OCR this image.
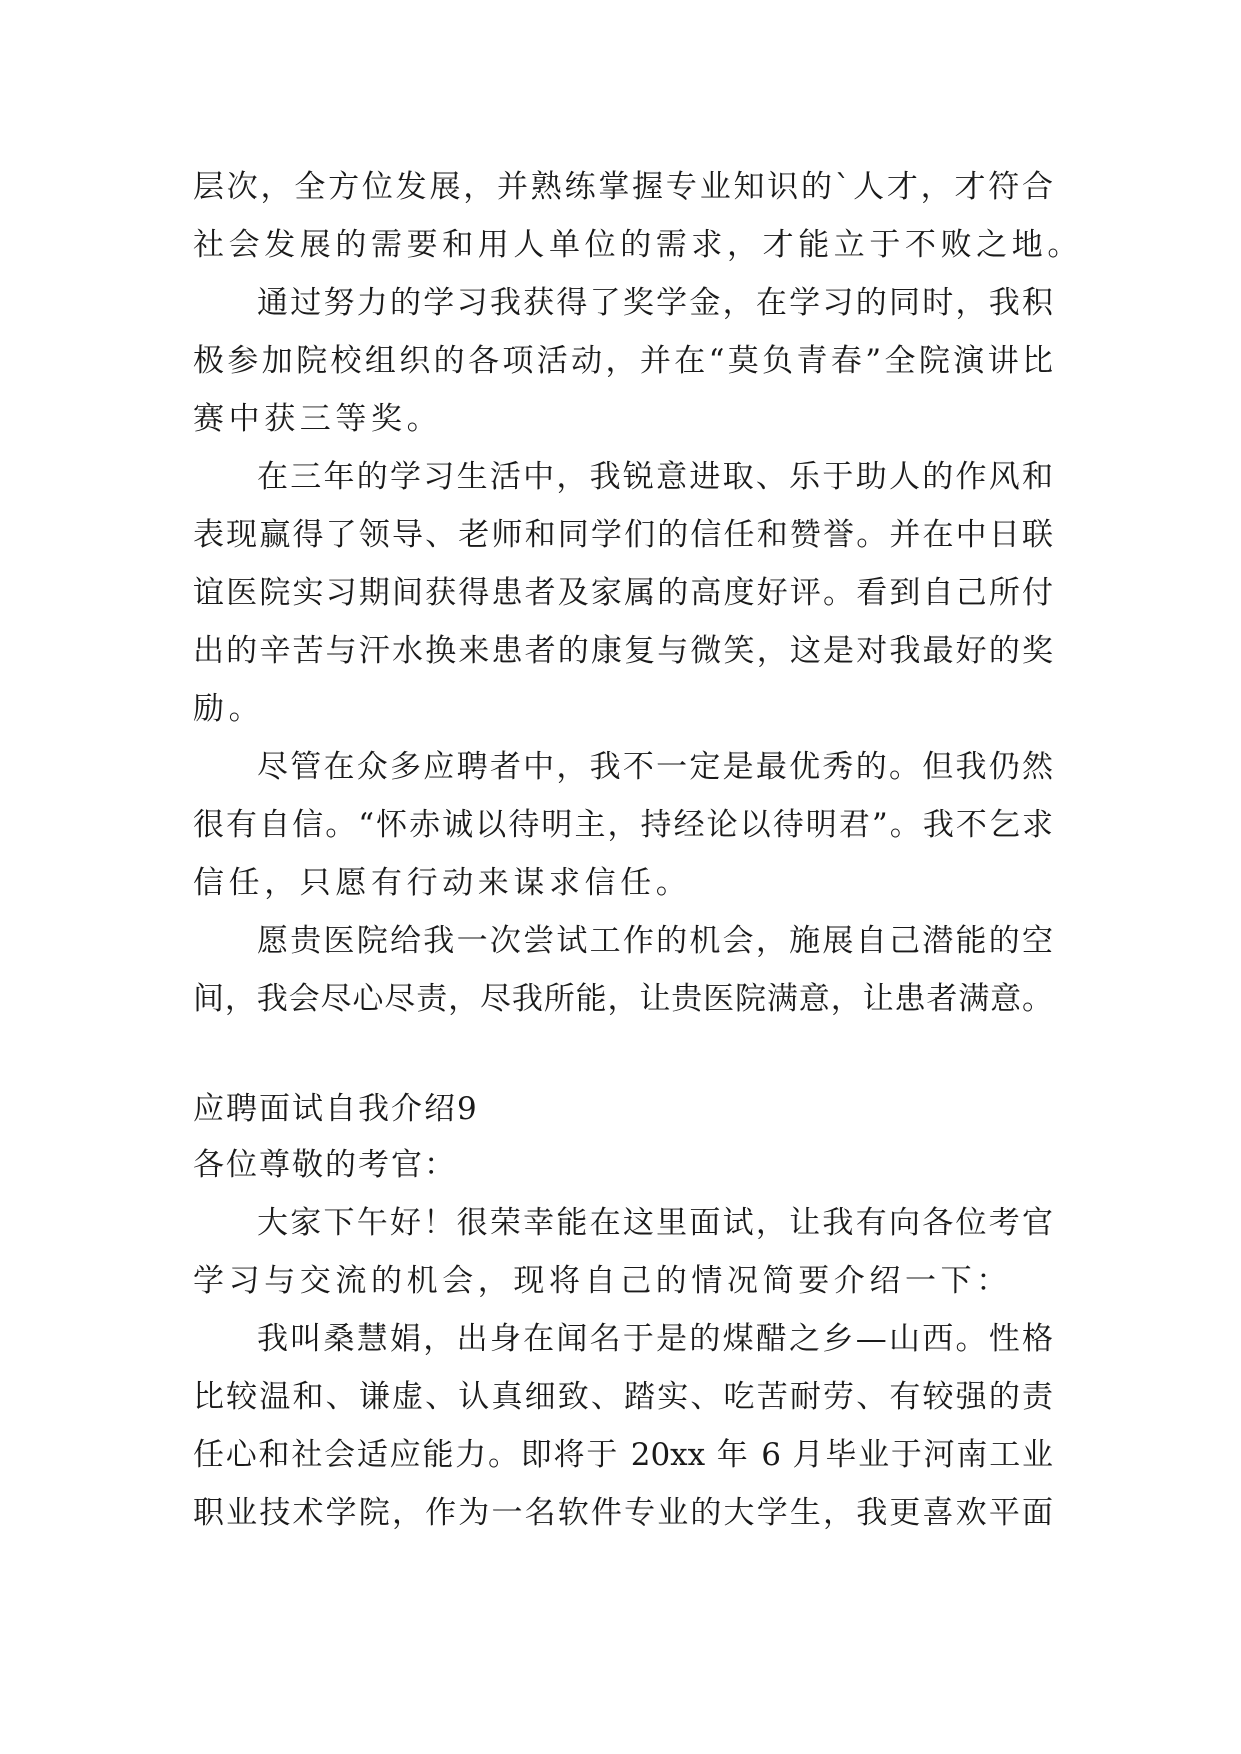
层次，全方位发展，并熟练掌握专业知识的`人才，才符合
社会发展的需要和用人单位的需求，才能立于不败之地。
通过努力的学习我获得了奖学金，在学习的同时，我积
极参加院校组织的各项活动，并在“莫负青春”全院演讲比
赛中获三等奖。
在三年的学习生活中，我锐意进取、乐于助人的作风和
表现赢得了领导、老师和同学们的信任和赞誉。并在中日联
谊医院实习期间获得患者及家属的高度好评。看到自己所付
出的辛苦与汗水换来患者的康复与微笑，这是对我最好的奖
励。
尽管在众多应聘者中，我不一定是最优秀的。但我仍然
很有自信。“怀赤诚以待明主，持经论以待明君”。我不乞求
信任，只愿有行动来谋求信任。
愿贵医院给我一次尝试工作的机会，施展自己潜能的空
间，我会尽心尽责，尽我所能，让贵医院满意，让患者满意。
应聘面试自我介绍9
各位尊敬的考官：
大家下午好！很荣幸能在这里面试，让我有向各位考官
学习与交流的机会，现将自己的情况简要介绍一下：
我叫桑慧娟，出身在闻名于是的煤醋之乡—山西。性格
比较温和、谦虚、认真细致、踏实、吃苦耐劳、有较强的责
任心和社会适应能力。即将于 20xx 年 6 月毕业于河南工业
职业技术学院，作为一名软件专业的大学生，我更喜欢平面
